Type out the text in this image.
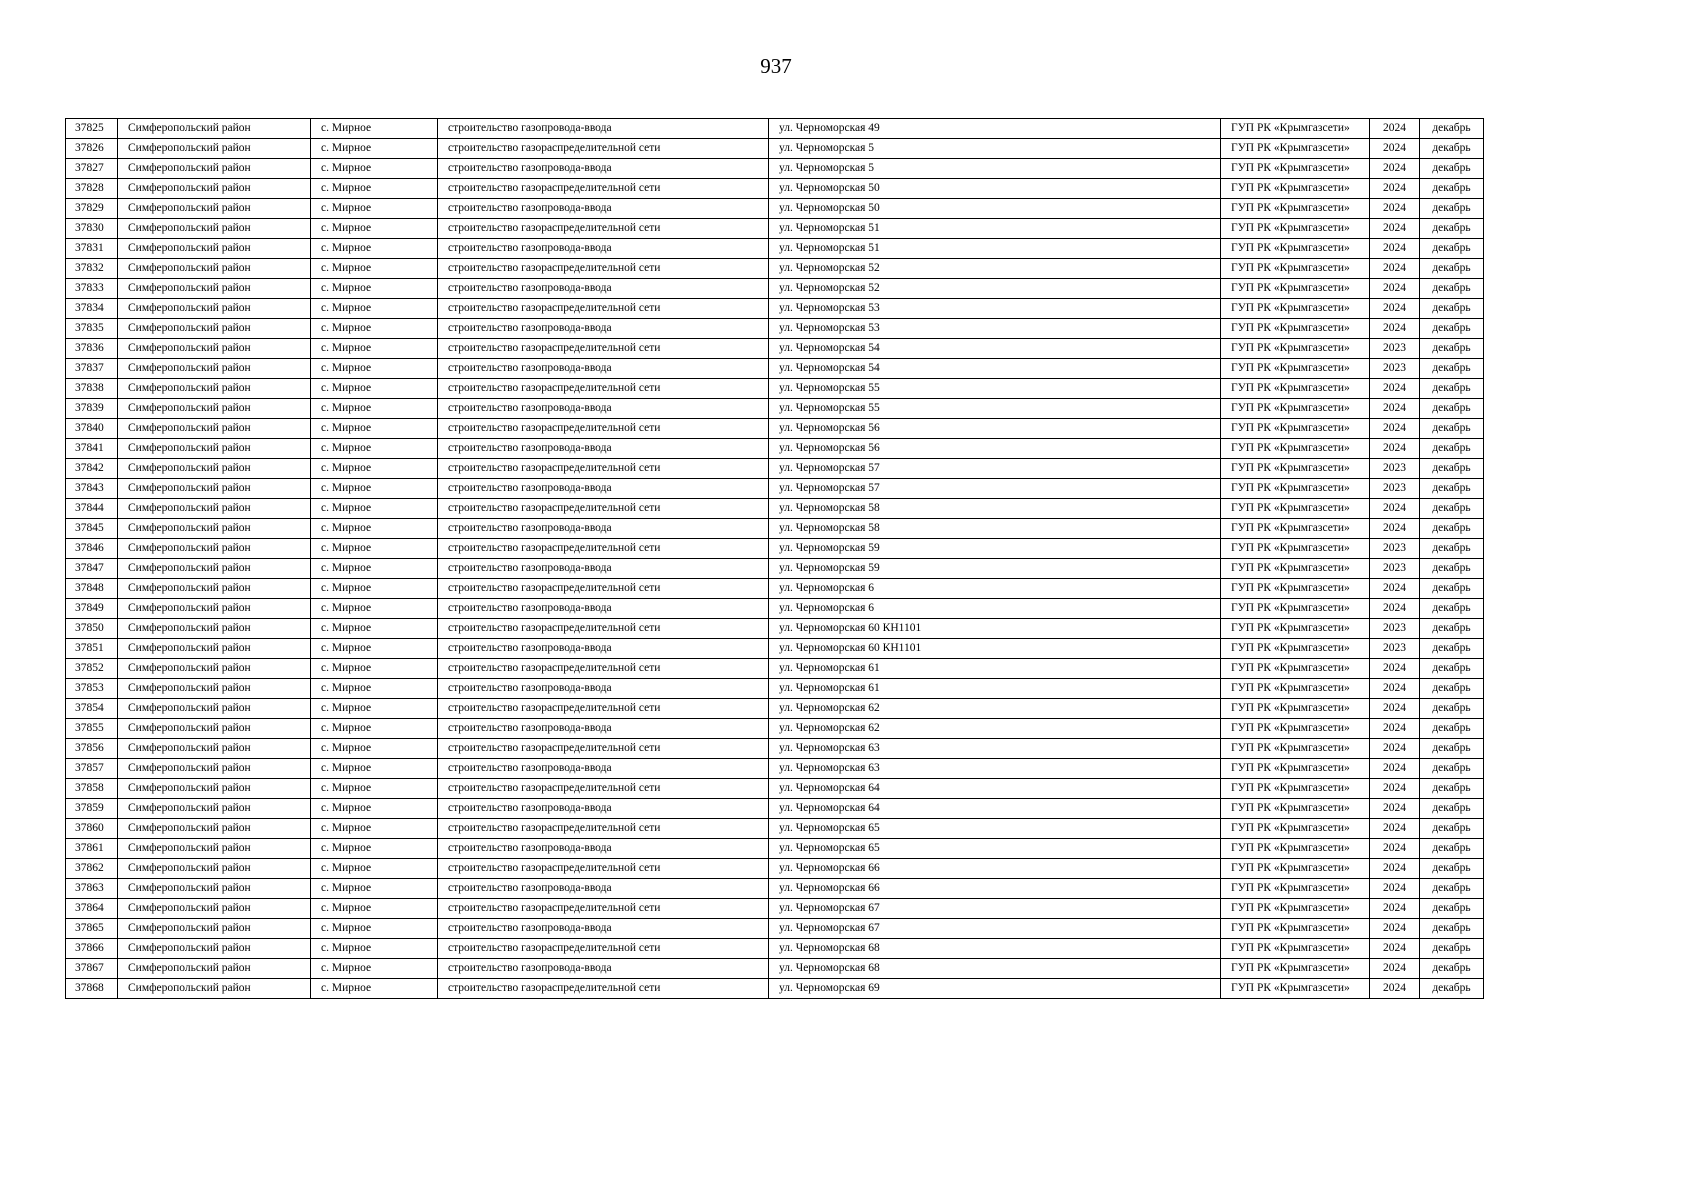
937
37825	Симферопольский район	с. Мирное	строительство газопровода-ввода	ул. Черноморская 49	ГУП РК «Крымгазсети»	2024	декабрь
37826	Симферопольский район	с. Мирное	строительство газораспределительной сети	ул. Черноморская 5	ГУП РК «Крымгазсети»	2024	декабрь
37827	Симферопольский район	с. Мирное	строительство газопровода-ввода	ул. Черноморская 5	ГУП РК «Крымгазсети»	2024	декабрь
37828	Симферопольский район	с. Мирное	строительство газораспределительной сети	ул. Черноморская 50	ГУП РК «Крымгазсети»	2024	декабрь
37829	Симферопольский район	с. Мирное	строительство газопровода-ввода	ул. Черноморская 50	ГУП РК «Крымгазсети»	2024	декабрь
37830	Симферопольский район	с. Мирное	строительство газораспределительной сети	ул. Черноморская 51	ГУП РК «Крымгазсети»	2024	декабрь
37831	Симферопольский район	с. Мирное	строительство газопровода-ввода	ул. Черноморская 51	ГУП РК «Крымгазсети»	2024	декабрь
37832	Симферопольский район	с. Мирное	строительство газораспределительной сети	ул. Черноморская 52	ГУП РК «Крымгазсети»	2024	декабрь
37833	Симферопольский район	с. Мирное	строительство газопровода-ввода	ул. Черноморская 52	ГУП РК «Крымгазсети»	2024	декабрь
37834	Симферопольский район	с. Мирное	строительство газораспределительной сети	ул. Черноморская 53	ГУП РК «Крымгазсети»	2024	декабрь
37835	Симферопольский район	с. Мирное	строительство газопровода-ввода	ул. Черноморская 53	ГУП РК «Крымгазсети»	2024	декабрь
37836	Симферопольский район	с. Мирное	строительство газораспределительной сети	ул. Черноморская 54	ГУП РК «Крымгазсети»	2023	декабрь
37837	Симферопольский район	с. Мирное	строительство газопровода-ввода	ул. Черноморская 54	ГУП РК «Крымгазсети»	2023	декабрь
37838	Симферопольский район	с. Мирное	строительство газораспределительной сети	ул. Черноморская 55	ГУП РК «Крымгазсети»	2024	декабрь
37839	Симферопольский район	с. Мирное	строительство газопровода-ввода	ул. Черноморская 55	ГУП РК «Крымгазсети»	2024	декабрь
37840	Симферопольский район	с. Мирное	строительство газораспределительной сети	ул. Черноморская 56	ГУП РК «Крымгазсети»	2024	декабрь
37841	Симферопольский район	с. Мирное	строительство газопровода-ввода	ул. Черноморская 56	ГУП РК «Крымгазсети»	2024	декабрь
37842	Симферопольский район	с. Мирное	строительство газораспределительной сети	ул. Черноморская 57	ГУП РК «Крымгазсети»	2023	декабрь
37843	Симферопольский район	с. Мирное	строительство газопровода-ввода	ул. Черноморская 57	ГУП РК «Крымгазсети»	2023	декабрь
37844	Симферопольский район	с. Мирное	строительство газораспределительной сети	ул. Черноморская 58	ГУП РК «Крымгазсети»	2024	декабрь
37845	Симферопольский район	с. Мирное	строительство газопровода-ввода	ул. Черноморская 58	ГУП РК «Крымгазсети»	2024	декабрь
37846	Симферопольский район	с. Мирное	строительство газораспределительной сети	ул. Черноморская 59	ГУП РК «Крымгазсети»	2023	декабрь
37847	Симферопольский район	с. Мирное	строительство газопровода-ввода	ул. Черноморская 59	ГУП РК «Крымгазсети»	2023	декабрь
37848	Симферопольский район	с. Мирное	строительство газораспределительной сети	ул. Черноморская 6	ГУП РК «Крымгазсети»	2024	декабрь
37849	Симферопольский район	с. Мирное	строительство газопровода-ввода	ул. Черноморская 6	ГУП РК «Крымгазсети»	2024	декабрь
37850	Симферопольский район	с. Мирное	строительство газораспределительной сети	ул. Черноморская 60 КН1101	ГУП РК «Крымгазсети»	2023	декабрь
37851	Симферопольский район	с. Мирное	строительство газопровода-ввода	ул. Черноморская 60 КН1101	ГУП РК «Крымгазсети»	2023	декабрь
37852	Симферопольский район	с. Мирное	строительство газораспределительной сети	ул. Черноморская 61	ГУП РК «Крымгазсети»	2024	декабрь
37853	Симферопольский район	с. Мирное	строительство газопровода-ввода	ул. Черноморская 61	ГУП РК «Крымгазсети»	2024	декабрь
37854	Симферопольский район	с. Мирное	строительство газораспределительной сети	ул. Черноморская 62	ГУП РК «Крымгазсети»	2024	декабрь
37855	Симферопольский район	с. Мирное	строительство газопровода-ввода	ул. Черноморская 62	ГУП РК «Крымгазсети»	2024	декабрь
37856	Симферопольский район	с. Мирное	строительство газораспределительной сети	ул. Черноморская 63	ГУП РК «Крымгазсети»	2024	декабрь
37857	Симферопольский район	с. Мирное	строительство газопровода-ввода	ул. Черноморская 63	ГУП РК «Крымгазсети»	2024	декабрь
37858	Симферопольский район	с. Мирное	строительство газораспределительной сети	ул. Черноморская 64	ГУП РК «Крымгазсети»	2024	декабрь
37859	Симферопольский район	с. Мирное	строительство газопровода-ввода	ул. Черноморская 64	ГУП РК «Крымгазсети»	2024	декабрь
37860	Симферопольский район	с. Мирное	строительство газораспределительной сети	ул. Черноморская 65	ГУП РК «Крымгазсети»	2024	декабрь
37861	Симферопольский район	с. Мирное	строительство газопровода-ввода	ул. Черноморская 65	ГУП РК «Крымгазсети»	2024	декабрь
37862	Симферопольский район	с. Мирное	строительство газораспределительной сети	ул. Черноморская 66	ГУП РК «Крымгазсети»	2024	декабрь
37863	Симферопольский район	с. Мирное	строительство газопровода-ввода	ул. Черноморская 66	ГУП РК «Крымгазсети»	2024	декабрь
37864	Симферопольский район	с. Мирное	строительство газораспределительной сети	ул. Черноморская 67	ГУП РК «Крымгазсети»	2024	декабрь
37865	Симферопольский район	с. Мирное	строительство газопровода-ввода	ул. Черноморская 67	ГУП РК «Крымгазсети»	2024	декабрь
37866	Симферопольский район	с. Мирное	строительство газораспределительной сети	ул. Черноморская 68	ГУП РК «Крымгазсети»	2024	декабрь
37867	Симферопольский район	с. Мирное	строительство газопровода-ввода	ул. Черноморская 68	ГУП РК «Крымгазсети»	2024	декабрь
37868	Симферопольский район	с. Мирное	строительство газораспределительной сети	ул. Черноморская 69	ГУП РК «Крымгазсети»	2024	декабрь
